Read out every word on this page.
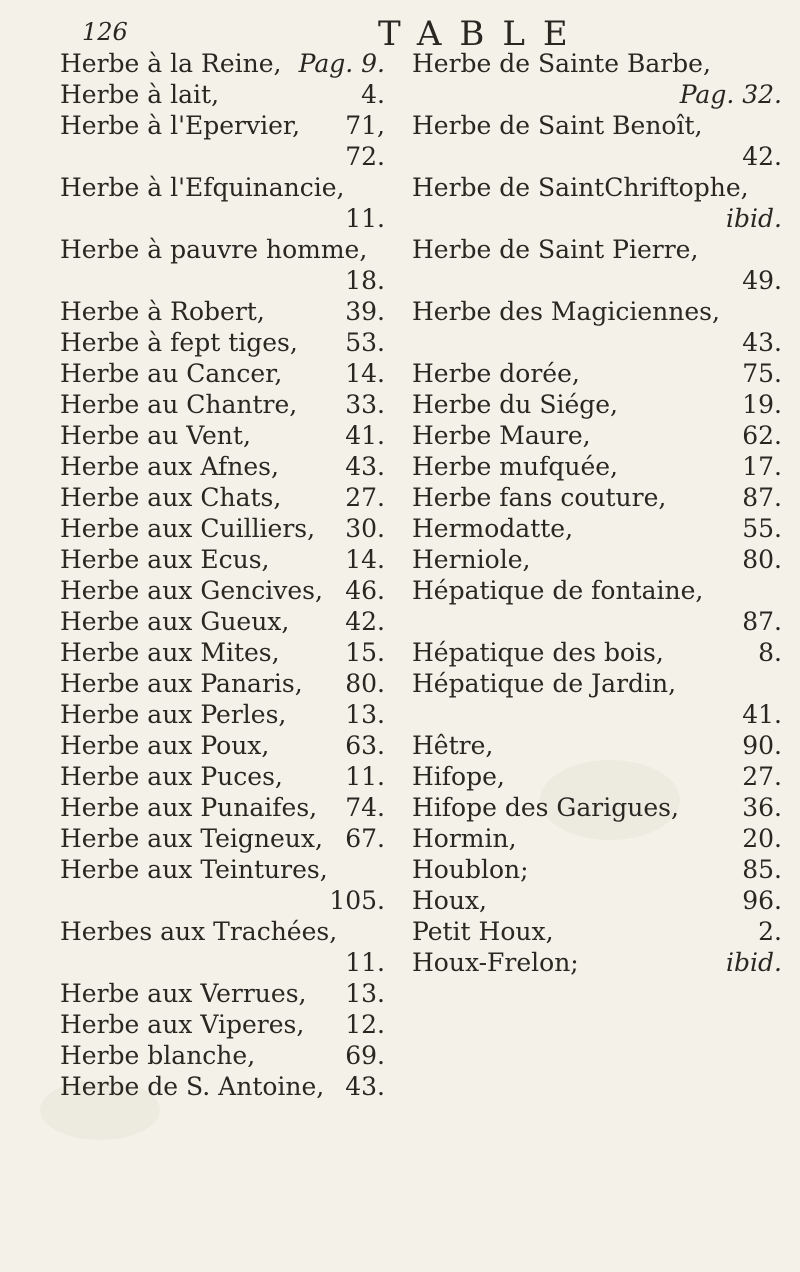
126	TABLE
Herbe à la Reine, Pag. 9.
Herbe à lait,	4.
Herbe à l'Epervier, 71,
72.
Herbe à l'Efquinancie,
11.
Herbe à pauvre homme,
18.
Herbe à Robert,	39.
Herbe à fept tiges, 53.
Herbe au Cancer,	14.
Herbe au Chantre, 33.
Herbe au Vent,	41.
Herbe aux Afnes,	43.
Herbe aux Chats,	27.
Herbe aux Cuilliers, 30.
Herbe aux Ecus,	14.
Herbe aux Gencives, 46.
Herbe aux Gueux, 42.
Herbe aux Mites,	15.
Herbe aux Panaris, 80.
Herbe aux Perles, 13.
Herbe aux Poux,	63.
Herbe aux Puces, 11.
Herbe aux Punaifes, 74.
Herbe aux Teigneux, 67.
Herbe aux Teintures,
105.
Herbes aux Trachées,
11.
Herbe aux Verrues, 13.
Herbe aux Viperes, 12.
Herbe blanche,	69.
Herbe de S. Antoine, 43.
Herbe de Sainte Barbe,
Pag. 32.
Herbe de Saint Benoît,
42.
Herbe de SaintChriftophe,
ibid.
Herbe de Saint Pierre,
49.
Herbe des Magiciennes,
43.
Herbe dorée,	75.
Herbe du Siége,	19.
Herbe Maure,	62.
Herbe mufquée,	17.
Herbe fans couture,	87.
Hermodatte,	55.
Herniole,	80.
Hépatique de fontaine,
87.
Hépatique des bois,	8.
Hépatique de Jardin,
41.
Hêtre,	90.
Hifope,	27.
Hifope des Garigues,	36.
Hormin,	20.
Houblon;	85.
Houx,	96.
Petit Houx,	2.
Houx-Frelon;	ibid.
